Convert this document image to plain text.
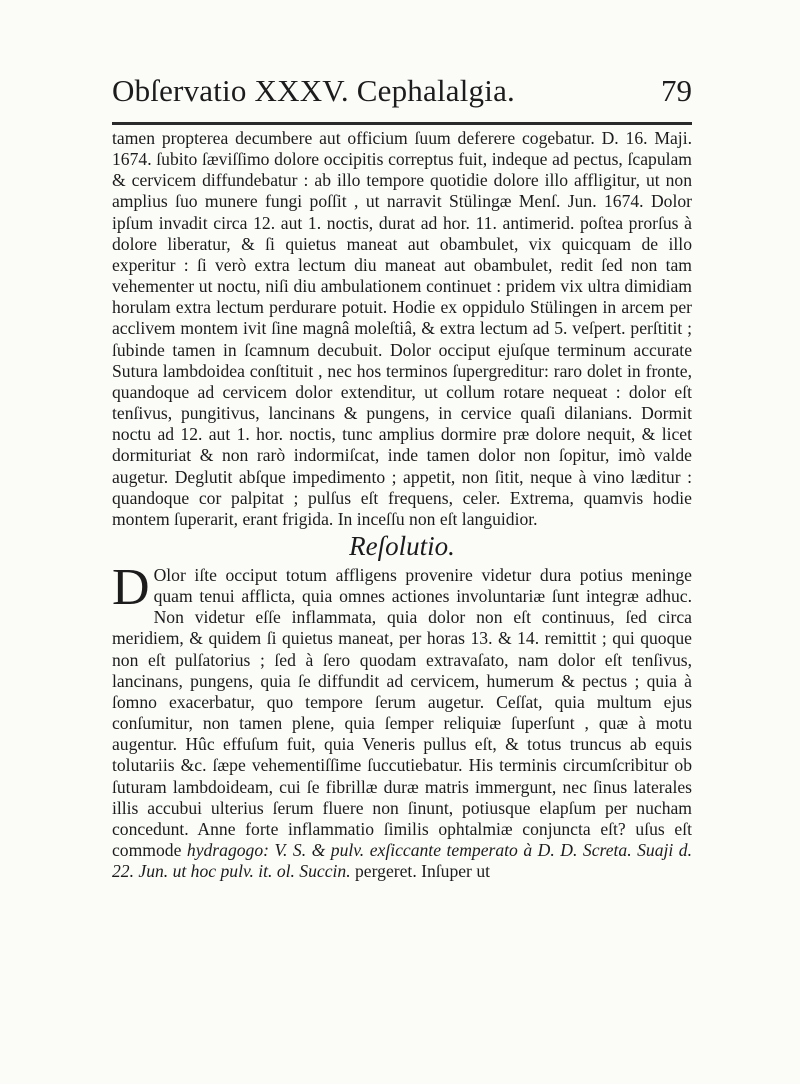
Obſervatio XXXV. Cephalalgia.	79

tamen propterea decumbere aut officium ſuum deferere cogebatur. D. 16. Maji. 1674. ſubito ſæviſſimo dolore occipitis correptus fuit, indeque ad pectus, ſcapulam & cervicem diffundebatur : ab illo tempore quotidie dolore illo affligitur, ut non amplius ſuo munere fungi poſſit , ut narravit Stülingæ Menſ. Jun. 1674. Dolor ipſum invadit circa 12. aut 1. noctis, durat ad hor. 11. antimerid. poſtea prorſus à dolore liberatur, & ſi quietus maneat aut obambulet, vix quicquam de illo experitur : ſi verò extra lectum diu maneat aut obambulet, redit ſed non tam vehementer ut noctu, niſi diu ambulationem continuet : pridem vix ultra dimidiam horulam extra lectum perdurare potuit. Hodie ex oppidulo Stülingen in arcem per acclivem montem ivit ſine magnâ moleſtiâ, & extra lectum ad 5. veſpert. perſtitit ; ſubinde tamen in ſcamnum decubuit. Dolor occiput ejuſque terminum accurate Sutura lambdoidea conſtituit , nec hos terminos ſupergreditur: raro dolet in fronte, quandoque ad cervicem dolor extenditur, ut collum rotare nequeat : dolor eſt tenſivus, pungitivus, lancinans & pungens, in cervice quaſi dilanians. Dormit noctu ad 12. aut 1. hor. noctis, tunc amplius dormire præ dolore nequit, & licet dormituriat & non rarò indormiſcat, inde tamen dolor non ſopitur, imò valde augetur. Deglutit abſque impedimento ; appetit, non ſitit, neque à vino læditur : quandoque cor palpitat ; pulſus eſt frequens, celer. Extrema, quamvis hodie montem ſuperarit, erant frigida. In inceſſu non eſt languidior.

Reſolutio.

D Olor iſte occiput totum affligens provenire videtur dura potius meninge quam tenui afflicta, quia omnes actiones involuntariæ ſunt integræ adhuc. Non videtur eſſe inflammata, quia dolor non eſt continuus, ſed circa meridiem, & quidem ſi quietus maneat, per horas 13. & 14. remittit ; qui quoque non eſt pulſatorius ; ſed à ſero quodam extravaſato, nam dolor eſt tenſivus, lancinans, pungens, quia ſe diffundit ad cervicem, humerum & pectus ; quia à ſomno exacerbatur, quo tempore ſerum augetur. Ceſſat, quia multum ejus conſumitur, non tamen plene, quia ſemper reliquiæ ſuperſunt , quæ à motu augentur. Hûc effuſum fuit, quia Veneris pullus eſt, & totus truncus ab equis tolutariis &c. ſæpe vehementiſſime ſuccutiebatur. His terminis circumſcribitur ob ſuturam lambdoideam, cui ſe fibrillæ duræ matris immergunt, nec ſinus laterales illis accubui ulterius ſerum fluere non ſinunt, potiusque elapſum per nucham concedunt. Anne forte inflammatio ſimilis ophtalmiæ conjuncta eſt? uſus eſt commode hydragogo: V. S. & pulv. exſiccante temperato à D. D. Screta. Suaji d. 22. Jun. ut hoc pulv. it. ol. Succin. pergeret. Inſuper ut
